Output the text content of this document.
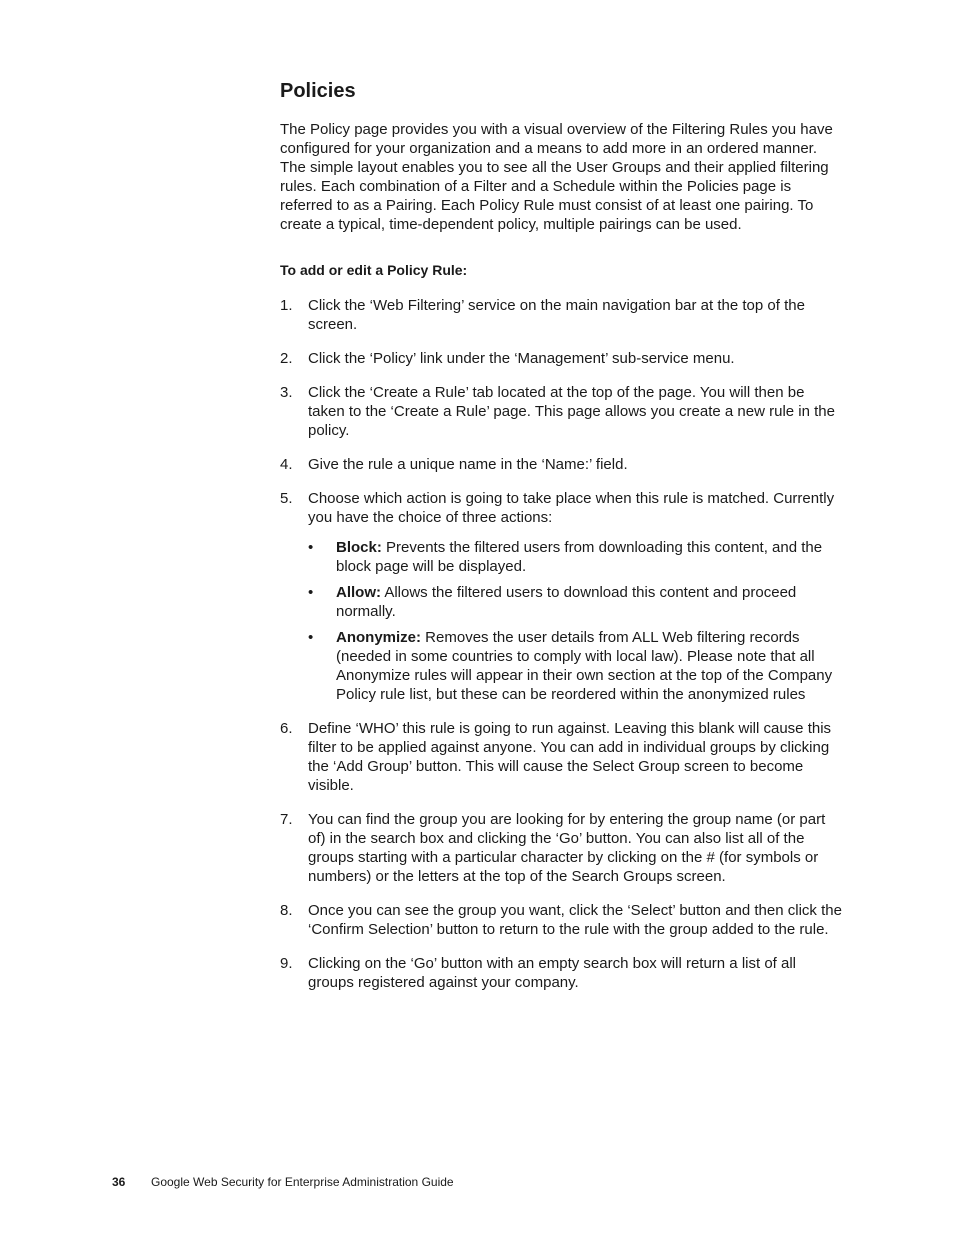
Policies

The Policy page provides you with a visual overview of the Filtering Rules you have configured for your organization and a means to add more in an ordered manner. The simple layout enables you to see all the User Groups and their applied filtering rules. Each combination of a Filter and a Schedule within the Policies page is referred to as a Pairing. Each Policy Rule must consist of at least one pairing. To create a typical, time-dependent policy, multiple pairings can be used.

To add or edit a Policy Rule:
1. Click the ‘Web Filtering’ service on the main navigation bar at the top of the screen.
2. Click the ‘Policy’ link under the ‘Management’ sub-service menu.
3. Click the ‘Create a Rule’ tab located at the top of the page. You will then be taken to the ‘Create a Rule’ page. This page allows you create a new rule in the policy.
4. Give the rule a unique name in the ‘Name:’ field.
5. Choose which action is going to take place when this rule is matched. Currently you have the choice of three actions:
• Block: Prevents the filtered users from downloading this content, and the block page will be displayed.
• Allow: Allows the filtered users to download this content and proceed normally.
• Anonymize: Removes the user details from ALL Web filtering records (needed in some countries to comply with local law). Please note that all Anonymize rules will appear in their own section at the top of the Company Policy rule list, but these can be reordered within the anonymized rules
6. Define ‘WHO’ this rule is going to run against. Leaving this blank will cause this filter to be applied against anyone. You can add in individual groups by clicking the ‘Add Group’ button. This will cause the Select Group screen to become visible.
7. You can find the group you are looking for by entering the group name (or part of) in the search box and clicking the ‘Go’ button. You can also list all of the groups starting with a particular character by clicking on the # (for symbols or numbers) or the letters at the top of the Search Groups screen.
8. Once you can see the group you want, click the ‘Select’ button and then click the ‘Confirm Selection’ button to return to the rule with the group added to the rule.
9. Clicking on the ‘Go’ button with an empty search box will return a list of all groups registered against your company.
36 Google Web Security for Enterprise Administration Guide
